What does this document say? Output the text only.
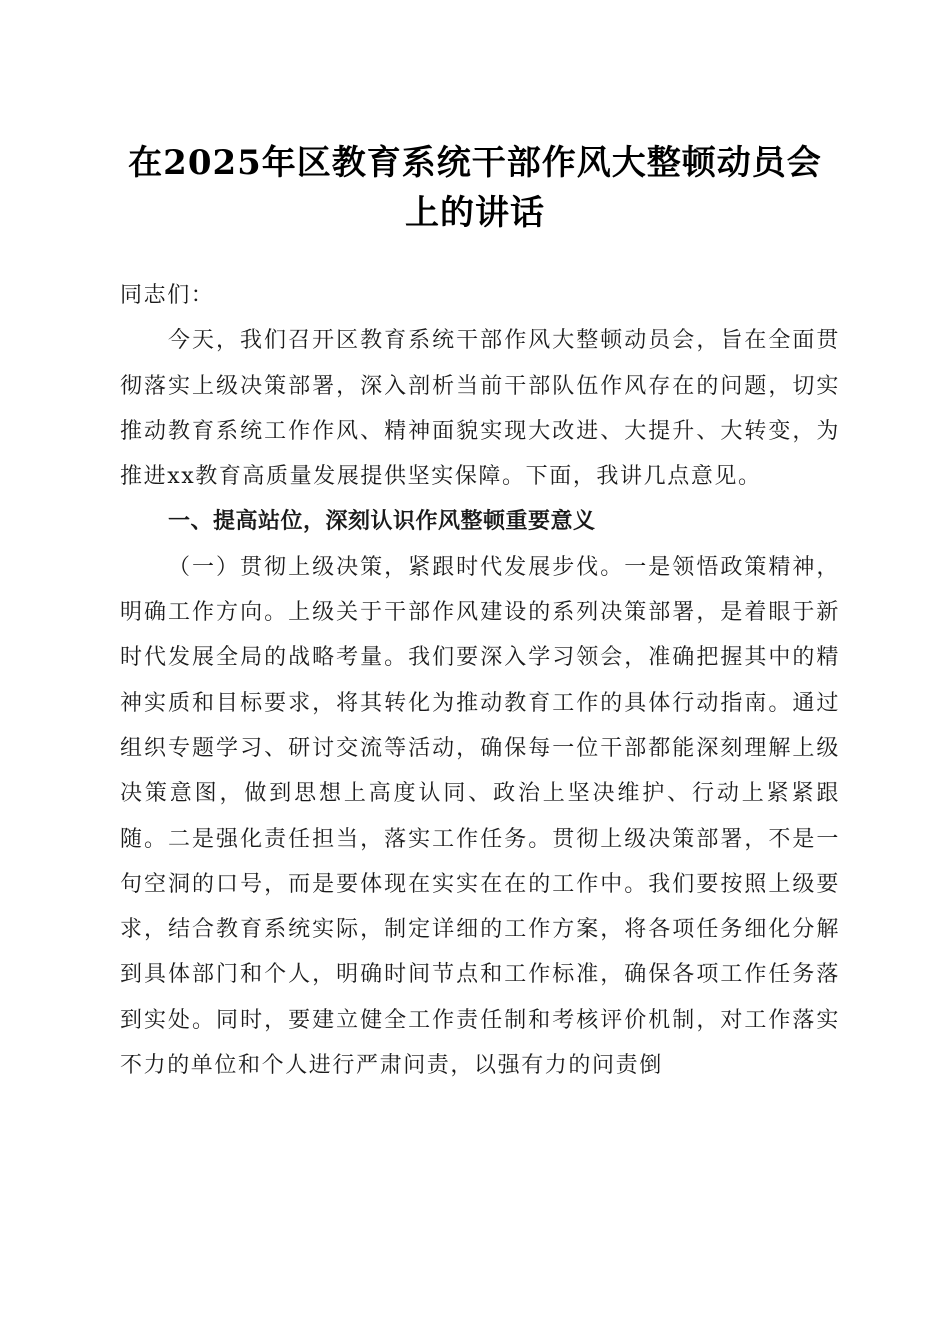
在2025年区教育系统干部作风大整顿动员会
上的讲话

同志们：

今天，我们召开区教育系统干部作风大整顿动员会，旨在全面贯彻落实上级决策部署，深入剖析当前干部队伍作风存在的问题，切实推动教育系统工作作风、精神面貌实现大改进、大提升、大转变，为推进xx教育高质量发展提供坚实保障。下面，我讲几点意见。

一、提高站位，深刻认识作风整顿重要意义

（一）贯彻上级决策，紧跟时代发展步伐。一是领悟政策精神，明确工作方向。上级关于干部作风建设的系列决策部署，是着眼于新时代发展全局的战略考量。我们要深入学习领会，准确把握其中的精神实质和目标要求，将其转化为推动教育工作的具体行动指南。通过组织专题学习、研讨交流等活动，确保每一位干部都能深刻理解上级决策意图，做到思想上高度认同、政治上坚决维护、行动上紧紧跟随。二是强化责任担当，落实工作任务。贯彻上级决策部署，不是一句空洞的口号，而是要体现在实实在在的工作中。我们要按照上级要求，结合教育系统实际，制定详细的工作方案，将各项任务细化分解到具体部门和个人，明确时间节点和工作标准，确保各项工作任务落到实处。同时，要建立健全工作责任制和考核评价机制，对工作落实不力的单位和个人进行严肃问责，以强有力的问责倒
